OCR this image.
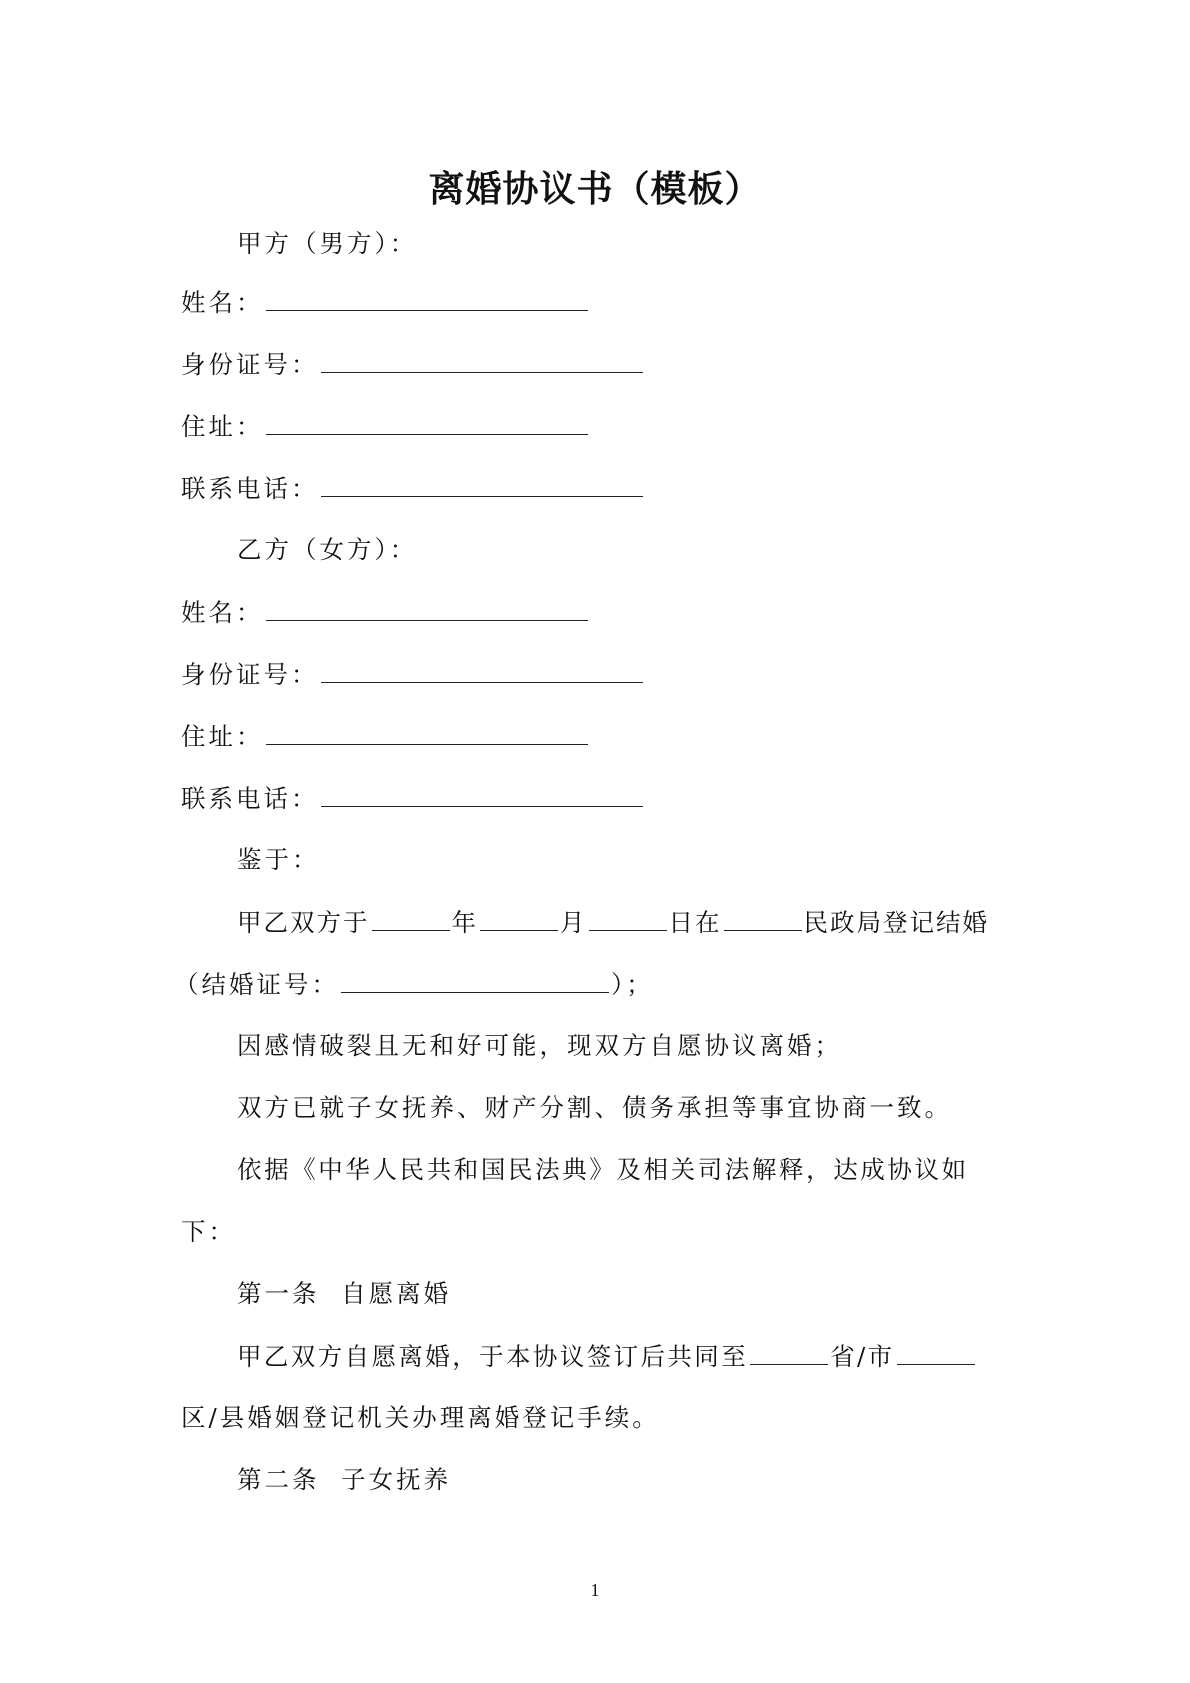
离婚协议书（模板）
甲方（男方）：
姓名：
身份证号：
住址：
联系电话：
乙方（女方）：
姓名：
身份证号：
住址：
联系电话：
鉴于：
甲乙双方于	年	月	日在	民政局登记结婚
（结婚证号：	）；
因感情破裂且无和好可能，现双方自愿协议离婚；
双方已就子女抚养、财产分割、债务承担等事宜协商一致。
依据《中华人民共和国民法典》及相关司法解释，达成协议如
下：
第一条  自愿离婚
甲乙双方自愿离婚，于本协议签订后共同至	省/市
区/县婚姻登记机关办理离婚登记手续。
第二条  子女抚养
1
